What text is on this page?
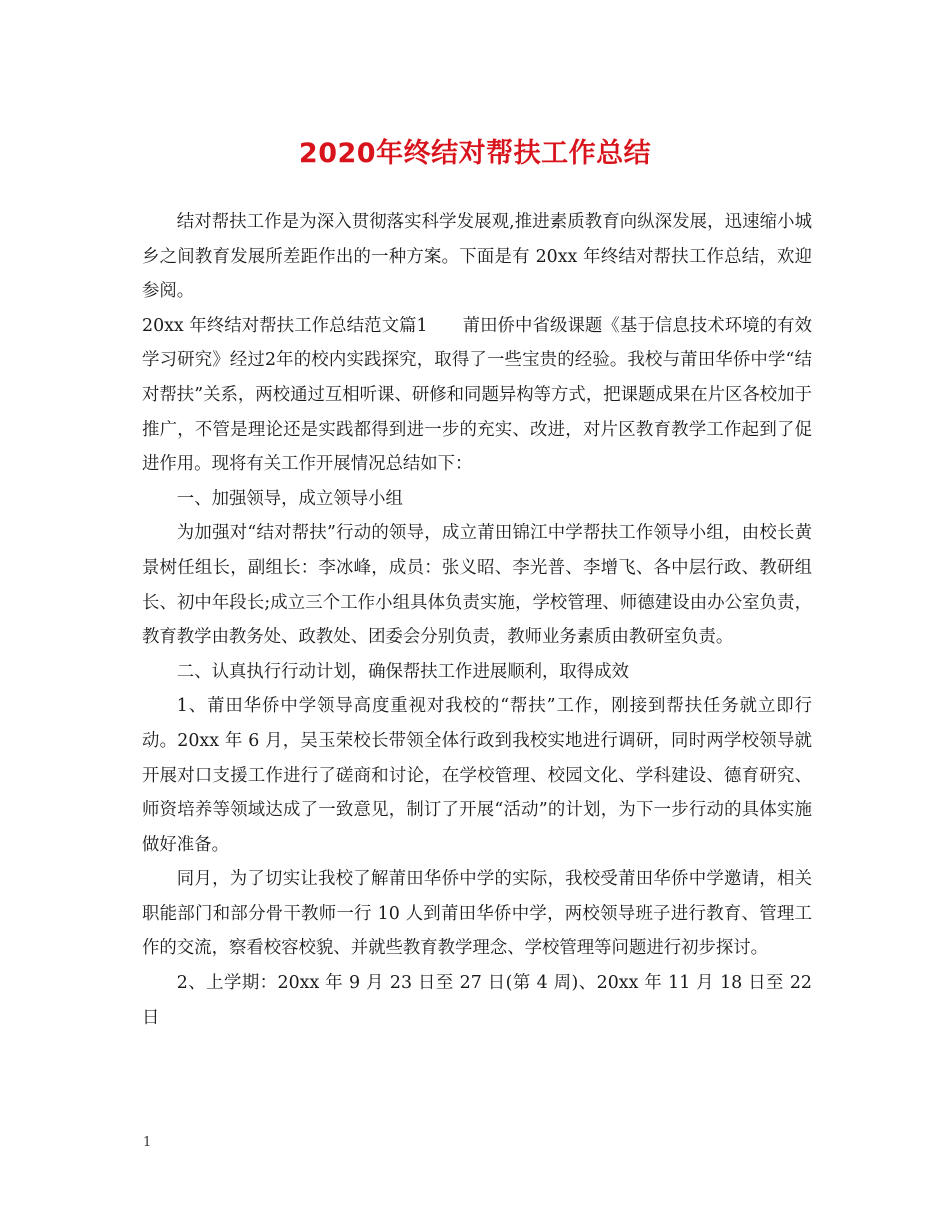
2020年终结对帮扶工作总结

结对帮扶工作是为深入贯彻落实科学发展观,推进素质教育向纵深发展，迅速缩小城乡之间教育发展所差距作出的一种方案。下面是有 20xx 年终结对帮扶工作总结，欢迎参阅。

20xx 年终结对帮扶工作总结范文篇1　　莆田侨中省级课题《基于信息技术环境的有效学习研究》经过2年的校内实践探究，取得了一些宝贵的经验。我校与莆田华侨中学“结对帮扶”关系，两校通过互相听课、研修和同题异构等方式，把课题成果在片区各校加于推广，不管是理论还是实践都得到进一步的充实、改进，对片区教育教学工作起到了促进作用。现将有关工作开展情况总结如下：

一、加强领导，成立领导小组

为加强对“结对帮扶”行动的领导，成立莆田锦江中学帮扶工作领导小组，由校长黄景树任组长，副组长：李冰峰，成员：张义昭、李光普、李增飞、各中层行政、教研组长、初中年段长;成立三个工作小组具体负责实施，学校管理、师德建设由办公室负责，教育教学由教务处、政教处、团委会分别负责，教师业务素质由教研室负责。

二、认真执行行动计划，确保帮扶工作进展顺利，取得成效

1、莆田华侨中学领导高度重视对我校的“帮扶”工作，刚接到帮扶任务就立即行动。20xx 年 6 月，吴玉荣校长带领全体行政到我校实地进行调研，同时两学校领导就开展对口支援工作进行了磋商和讨论，在学校管理、校园文化、学科建设、德育研究、师资培养等领域达成了一致意见，制订了开展“活动”的计划，为下一步行动的具体实施做好准备。

同月，为了切实让我校了解莆田华侨中学的实际，我校受莆田华侨中学邀请，相关职能部门和部分骨干教师一行 10 人到莆田华侨中学，两校领导班子进行教育、管理工作的交流，察看校容校貌、并就些教育教学理念、学校管理等问题进行初步探讨。

2、上学期：20xx 年 9 月 23 日至 27 日(第 4 周)、20xx 年 11 月 18 日至 22 日

1
